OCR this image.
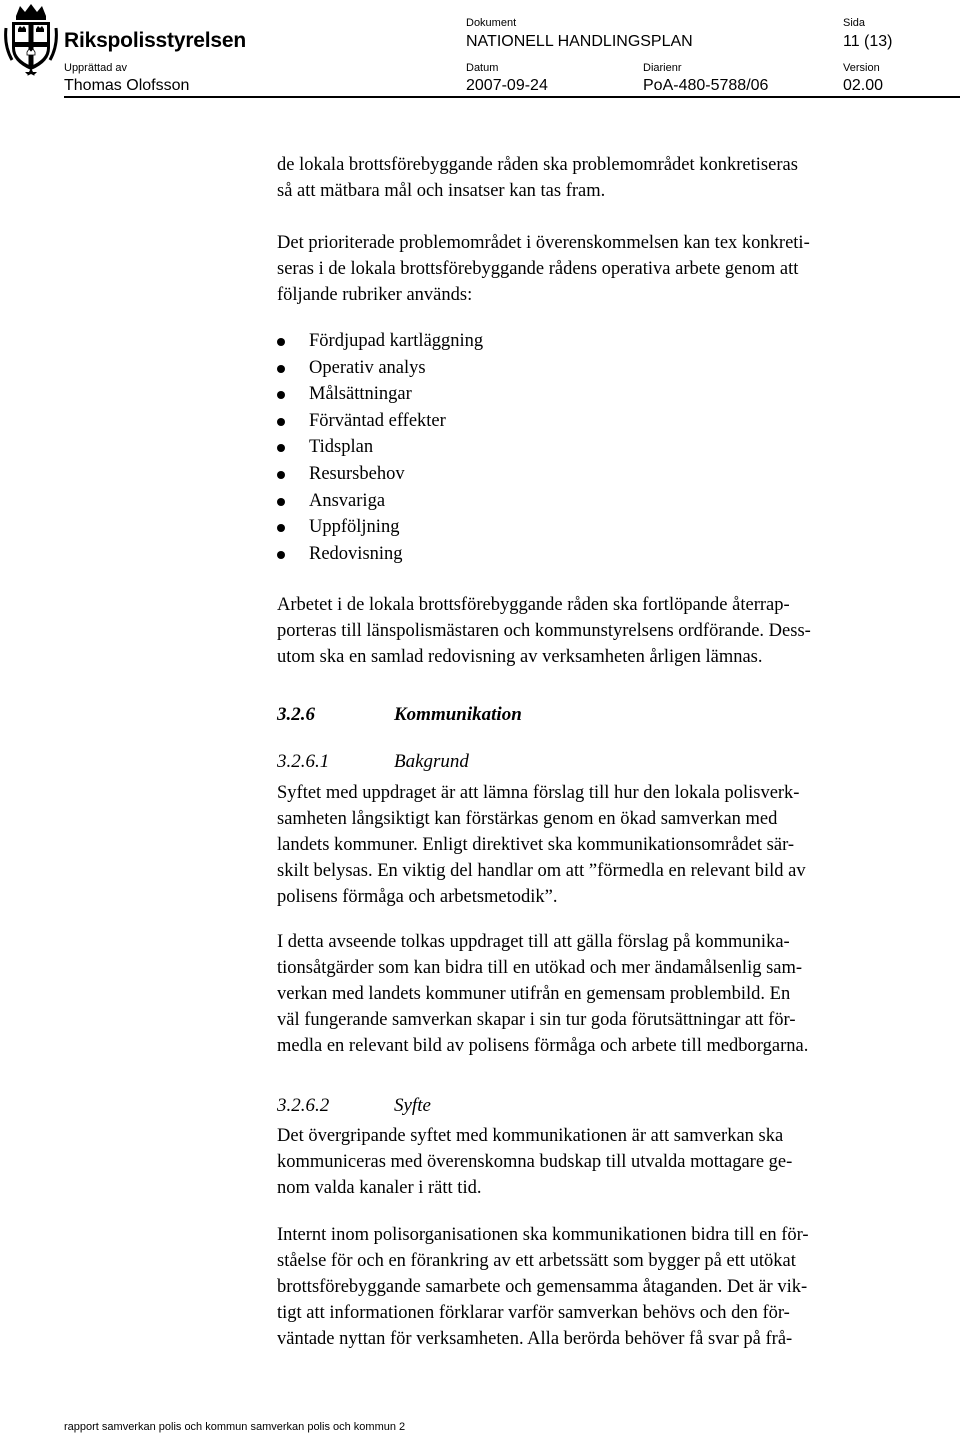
Rikspolisstyrelsen
Dokument
NATIONELL HANDLINGSPLAN
Sida
11 (13)
Upprättad av
Thomas Olofsson
Datum
2007-09-24
Diarienr
PoA-480-5788/06
Version
02.00
de lokala brottsförebyggande råden ska problemområdet konkretiseras
så att mätbara mål och insatser kan tas fram.
Det prioriterade problemområdet i överenskommelsen kan tex konkreti-
seras i de lokala brottsförebyggande rådens operativa arbete genom att
följande rubriker används:
Fördjupad kartläggning
Operativ analys
Målsättningar
Förväntad effekter
Tidsplan
Resursbehov
Ansvariga
Uppföljning
Redovisning
Arbetet i de lokala brottsförebyggande råden ska fortlöpande återrap-
porteras till länspolismästaren och kommunstyrelsens ordförande. Dess-
utom ska en samlad redovisning av verksamheten årligen lämnas.
3.2.6	Kommunikation
3.2.6.1	Bakgrund
Syftet med uppdraget är att lämna förslag till hur den lokala polisverk-
samheten långsiktigt kan förstärkas genom en ökad samverkan med
landets kommuner. Enligt direktivet ska kommunikationsområdet sär-
skilt belysas. En viktig del handlar om att ”förmedla en relevant bild av
polisens förmåga och arbetsmetodik”.
I detta avseende tolkas uppdraget till att gälla förslag på kommunika-
tionsåtgärder som kan bidra till en utökad och mer ändamålsenlig sam-
verkan med landets kommuner utifrån en gemensam problembild. En
väl fungerande samverkan skapar i sin tur goda förutsättningar att för-
medla en relevant bild av polisens förmåga och arbete till medborgarna.
3.2.6.2	Syfte
Det övergripande syftet med kommunikationen är att samverkan ska
kommuniceras med överenskomna budskap till utvalda mottagare ge-
nom valda kanaler i rätt tid.
Internt inom polisorganisationen ska kommunikationen bidra till en för-
ståelse för och en förankring av ett arbetssätt som bygger på ett utökat
brottsförebyggande samarbete och gemensamma åtaganden. Det är vik-
tigt att informationen förklarar varför samverkan behövs och den för-
väntade nyttan för verksamheten. Alla berörda behöver få svar på frå-
rapport samverkan polis och kommun samverkan polis och kommun 2
